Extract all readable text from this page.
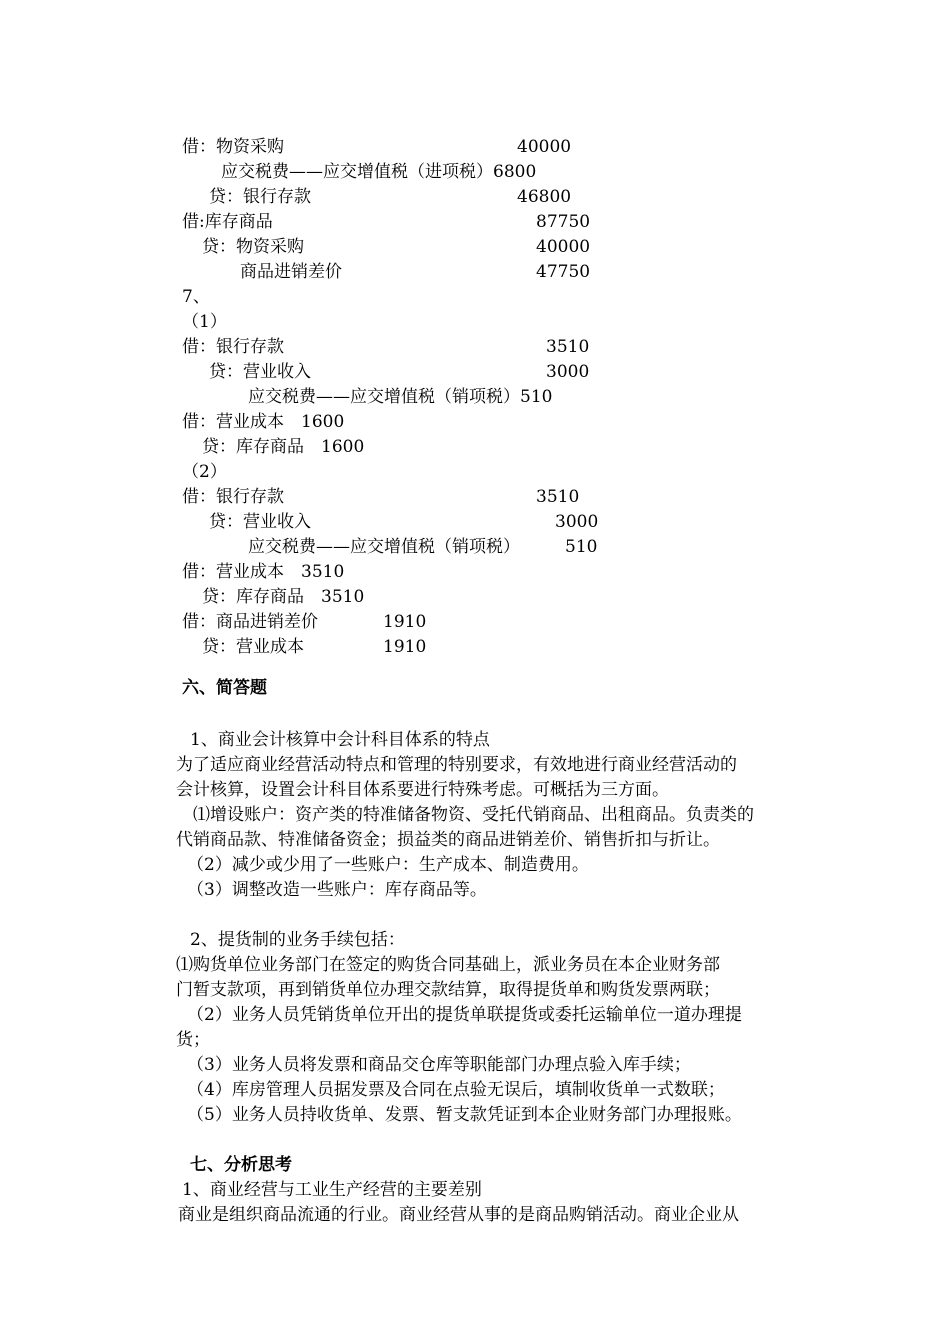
借：物资采购	40000
应交税费——应交增值税（进项税）6800
贷：银行存款	46800
借:库存商品	87750
贷：物资采购	40000
商品进销差价	47750
7、
（1）
借：银行存款	3510
贷：营业收入	3000
应交税费——应交增值税（销项税）510
借：营业成本　1600
贷：库存商品　1600
（2）
借：银行存款	3510
贷：营业收入	3000
应交税费——应交增值税（销项税）	510
借：营业成本　3510
贷：库存商品　3510
借：商品进销差价	1910
贷：营业成本	1910
六、简答题
1、商业会计核算中会计科目体系的特点
为了适应商业经营活动特点和管理的特别要求，有效地进行商业经营活动的
会计核算，设置会计科目体系要进行特殊考虑。可概括为三方面。
⑴增设账户：资产类的特准储备物资、受托代销商品、出租商品。负责类的
代销商品款、特准储备资金；损益类的商品进销差价、销售折扣与折让。
（2）减少或少用了一些账户：生产成本、制造费用。
（3）调整改造一些账户：库存商品等。
2、提货制的业务手续包括：
⑴购货单位业务部门在签定的购货合同基础上，派业务员在本企业财务部
门暂支款项，再到销货单位办理交款结算，取得提货单和购货发票两联；
（2）业务人员凭销货单位开出的提货单联提货或委托运输单位一道办理提
货；
（3）业务人员将发票和商品交仓库等职能部门办理点验入库手续；
（4）库房管理人员据发票及合同在点验无误后，填制收货单一式数联；
（5）业务人员持收货单、发票、暂支款凭证到本企业财务部门办理报账。
七、分析思考
1、商业经营与工业生产经营的主要差别
商业是组织商品流通的行业。商业经营从事的是商品购销活动。商业企业从
